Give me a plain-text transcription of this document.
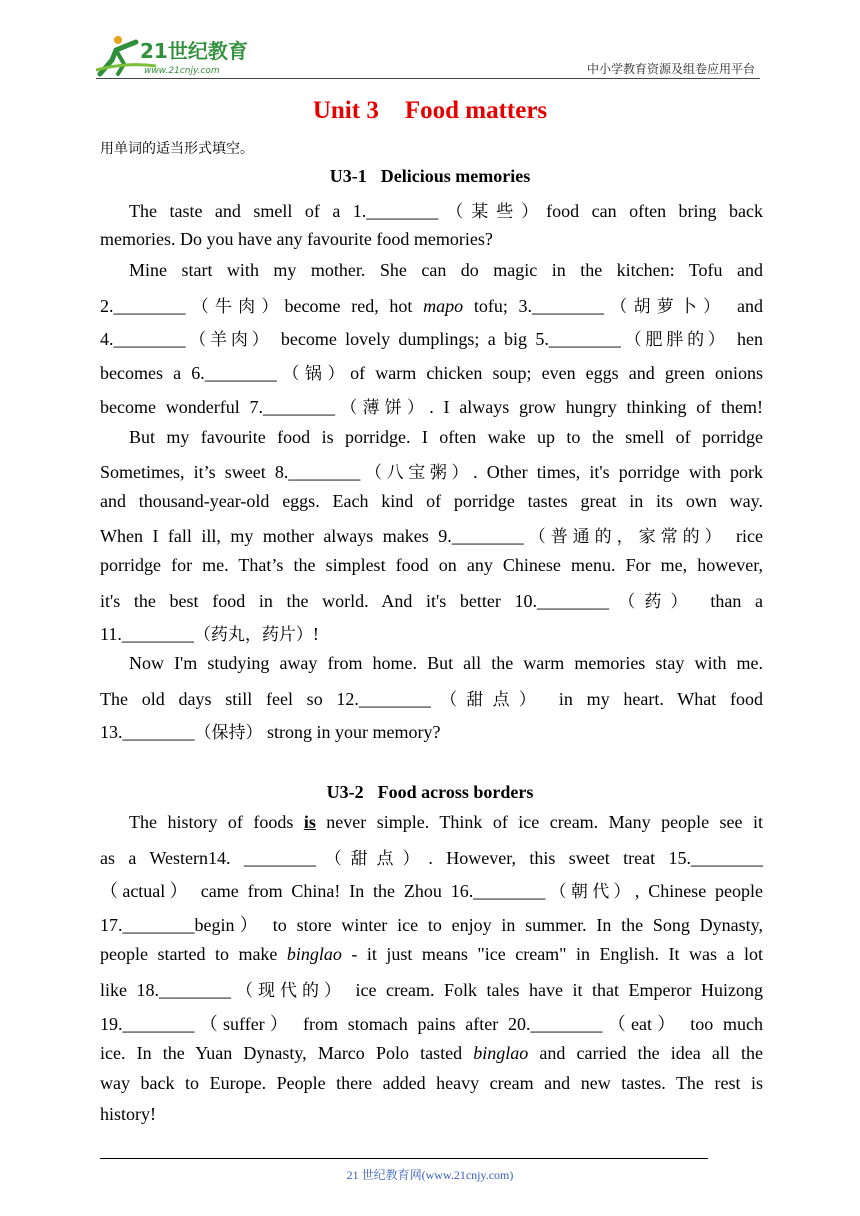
21世纪教育
www.21cnjy.com	中小学教育资源及组卷应用平台
Unit 3 Food matters
用单词的适当形式填空。
U3-1 Delicious memories
The taste and smell of a 1.________（某些）food can often bring back
memories. Do you have any favourite food memories?
Mine start with my mother. She can do magic in the kitchen: Tofu and
2.________（牛肉）become red, hot mapo tofu; 3.________（胡萝卜） and
4.________（羊肉） become lovely dumplings; a big 5.________（肥胖的） hen
becomes a 6.________（锅）of warm chicken soup; even eggs and green onions
become wonderful 7.________（薄饼）. I always grow hungry thinking of them!
But my favourite food is porridge. I often wake up to the smell of porridge
Sometimes, it’s sweet 8.________（八宝粥）. Other times, it's porridge with pork
and thousand-year-old eggs. Each kind of porridge tastes great in its own way.
When I fall ill, my mother always makes 9.________（普通的，家常的） rice
porridge for me. That’s the simplest food on any Chinese menu. For me, however,
it's the best food in the world. And it's better 10.________（药） than a
11.________（药丸，药片）!
Now I'm studying away from home. But all the warm memories stay with me.
The old days still feel so 12.________（甜点） in my heart. What food
13.________（保持） strong in your memory?
U3-2 Food across borders
The history of foods is never simple. Think of ice cream. Many people see it
as a Western14. ________（甜点）. However, this sweet treat 15.________
（actual） came from China! In the Zhou 16.________（朝代）, Chinese people
17.________begin） to store winter ice to enjoy in summer. In the Song Dynasty,
people started to make binglao - it just means "ice cream" in English. It was a lot
like 18.________（现代的） ice cream. Folk tales have it that Emperor Huizong
19.________（suffer） from stomach pains after 20.________（eat） too much
ice. In the Yuan Dynasty, Marco Polo tasted binglao and carried the idea all the
way back to Europe. People there added heavy cream and new tastes. The rest is
history!
21 世纪教育网(www.21cnjy.com)
